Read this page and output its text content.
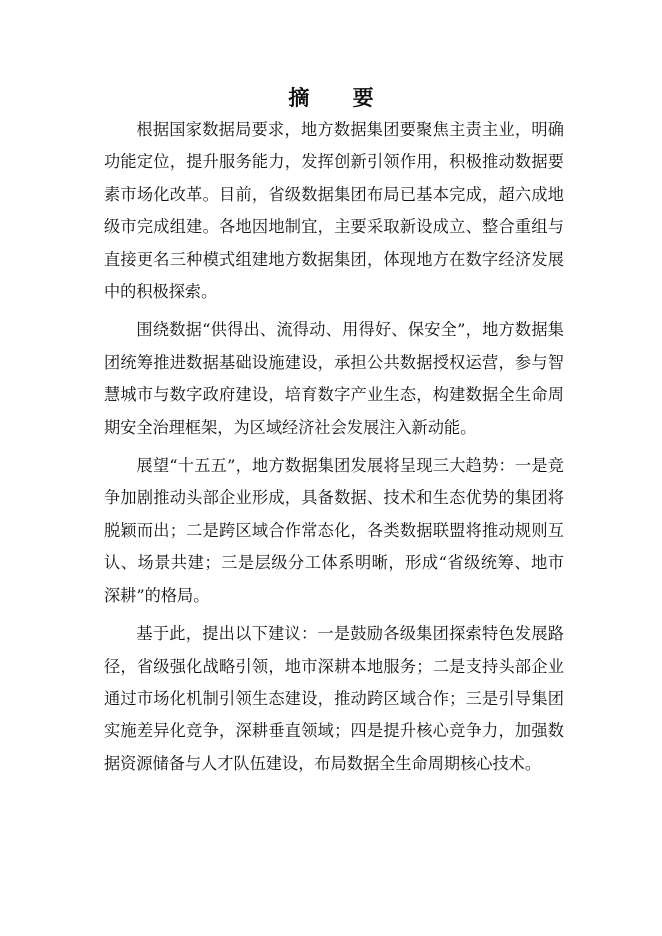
摘 要

根据国家数据局要求，地方数据集团要聚焦主责主业，明确功能定位，提升服务能力，发挥创新引领作用，积极推动数据要素市场化改革。目前，省级数据集团布局已基本完成，超六成地级市完成组建。各地因地制宜，主要采取新设成立、整合重组与直接更名三种模式组建地方数据集团，体现地方在数字经济发展中的积极探索。

围绕数据“供得出、流得动、用得好、保安全”，地方数据集团统筹推进数据基础设施建设，承担公共数据授权运营，参与智慧城市与数字政府建设，培育数字产业生态，构建数据全生命周期安全治理框架，为区域经济社会发展注入新动能。

展望“十五五”，地方数据集团发展将呈现三大趋势：一是竞争加剧推动头部企业形成，具备数据、技术和生态优势的集团将脱颖而出；二是跨区域合作常态化，各类数据联盟将推动规则互认、场景共建；三是层级分工体系明晰，形成“省级统筹、地市深耕”的格局。

基于此，提出以下建议：一是鼓励各级集团探索特色发展路径，省级强化战略引领，地市深耕本地服务；二是支持头部企业通过市场化机制引领生态建设，推动跨区域合作；三是引导集团实施差异化竞争，深耕垂直领域；四是提升核心竞争力，加强数据资源储备与人才队伍建设，布局数据全生命周期核心技术。
